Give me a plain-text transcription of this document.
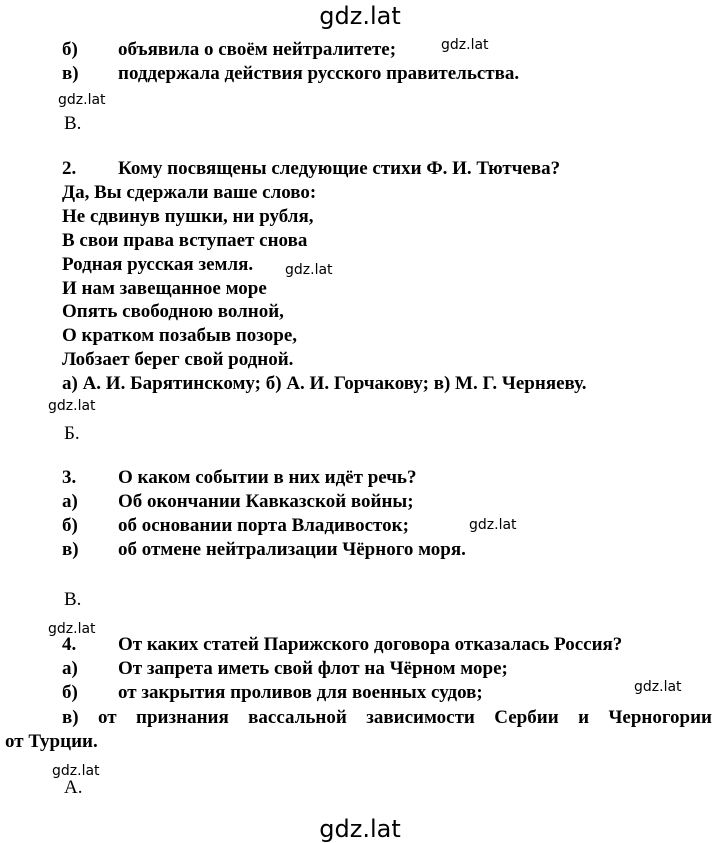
gdz.lat
gdz.lat
gdz.lat
gdz.lat
gdz.lat
gdz.lat
gdz.lat
gdz.lat
gdz.lat
gdz.lat
б) объявила о своём нейтралитете;
в) поддержала действия русского правительства.
В.
2. Кому посвящены следующие стихи Ф. И. Тютчева?
Да, Вы сдержали ваше слово:
Не сдвинув пушки, ни рубля,
В свои права вступает снова
Родная русская земля.
И нам завещанное море
Опять свободною волной,
О кратком позабыв позоре,
Лобзает берег свой родной.
а) А. И. Барятинскому; б) А. И. Горчакову; в) М. Г. Черняеву.
Б.
3. О каком событии в них идёт речь?
а) Об окончании Кавказской войны;
б) об основании порта Владивосток;
в) об отмене нейтрализации Чёрного моря.
В.
4. От каких статей Парижского договора отказалась Россия?
а) От запрета иметь свой флот на Чёрном море;
б) от закрытия проливов для военных судов;
в) от признания вассальной зависимости Сербии и Черногории
от Турции.
А.
